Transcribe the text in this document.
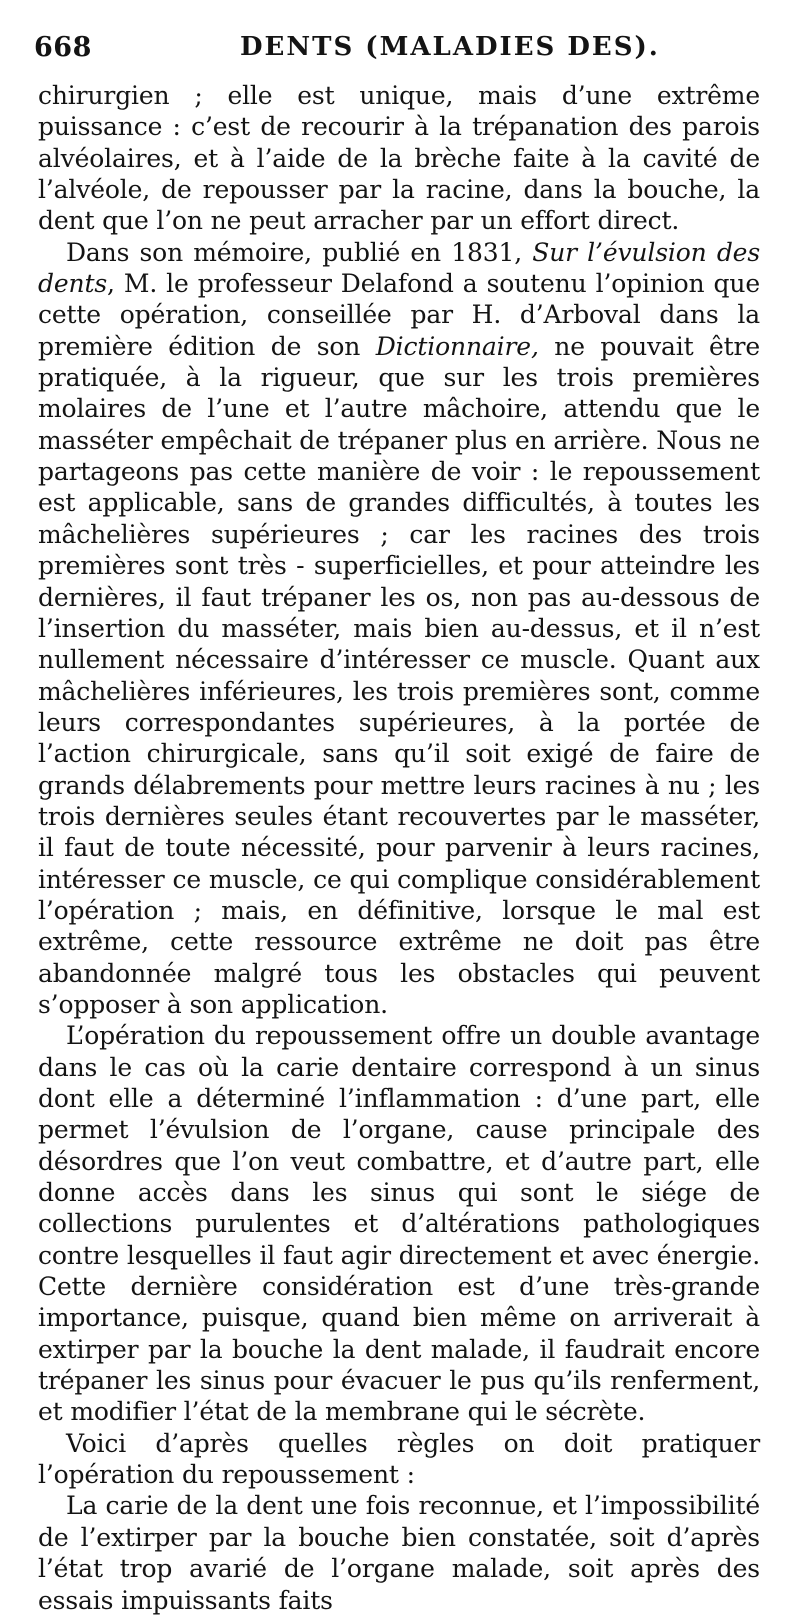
668	DENTS (MALADIES DES).

chirurgien ; elle est unique, mais d’une extrême puissance : c’est de recourir à la trépanation des parois alvéolaires, et à l’aide de la brèche faite à la cavité de l’alvéole, de repousser par la racine, dans la bouche, la dent que l’on ne peut arracher par un effort direct.

Dans son mémoire, publié en 1831, Sur l’évulsion des dents, M. le professeur Delafond a soutenu l’opinion que cette opération, conseillée par H. d’Arboval dans la première édition de son Dictionnaire, ne pouvait être pratiquée, à la rigueur, que sur les trois premières molaires de l’une et l’autre mâchoire, attendu que le masséter empêchait de trépaner plus en arrière. Nous ne partageons pas cette manière de voir : le repoussement est applicable, sans de grandes difficultés, à toutes les mâchelières supérieures ; car les racines des trois premières sont très - superficielles, et pour atteindre les dernières, il faut trépaner les os, non pas au-dessous de l’insertion du masséter, mais bien au-dessus, et il n’est nullement nécessaire d’intéresser ce muscle. Quant aux mâchelières inférieures, les trois premières sont, comme leurs correspondantes supérieures, à la portée de l’action chirurgicale, sans qu’il soit exigé de faire de grands délabrements pour mettre leurs racines à nu ; les trois dernières seules étant recouvertes par le masséter, il faut de toute nécessité, pour parvenir à leurs racines, intéresser ce muscle, ce qui complique considérablement l’opération ; mais, en définitive, lorsque le mal est extrême, cette ressource extrême ne doit pas être abandonnée malgré tous les obstacles qui peuvent s’opposer à son application.

L’opération du repoussement offre un double avantage dans le cas où la carie dentaire correspond à un sinus dont elle a déterminé l’inflammation : d’une part, elle permet l’évulsion de l’organe, cause principale des désordres que l’on veut combattre, et d’autre part, elle donne accès dans les sinus qui sont le siége de collections purulentes et d’altérations pathologiques contre lesquelles il faut agir directement et avec énergie. Cette dernière considération est d’une très-grande importance, puisque, quand bien même on arriverait à extirper par la bouche la dent malade, il faudrait encore trépaner les sinus pour évacuer le pus qu’ils renferment, et modifier l’état de la membrane qui le sécrète.

Voici d’après quelles règles on doit pratiquer l’opération du repoussement :

La carie de la dent une fois reconnue, et l’impossibilité de l’extirper par la bouche bien constatée, soit d’après l’état trop avarié de l’organe malade, soit après des essais impuissants faits
